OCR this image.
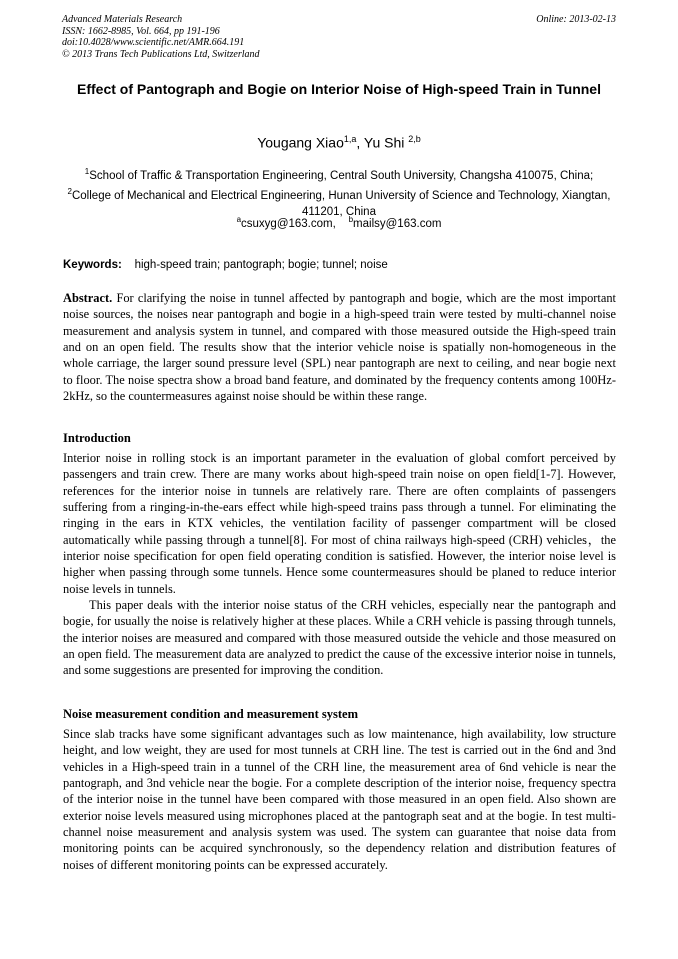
Advanced Materials Research
ISSN: 1662-8985, Vol. 664, pp 191-196
doi:10.4028/www.scientific.net/AMR.664.191
© 2013 Trans Tech Publications Ltd, Switzerland
Online: 2013-02-13
Effect of Pantograph and Bogie on Interior Noise of High-speed Train in Tunnel
Yougang Xiao$^{1,a}$, Yu Shi $^{2,b}$
$^1$School of Traffic & Transportation Engineering, Central South University, Changsha 410075, China;
$^2$College of Mechanical and Electrical Engineering, Hunan University of Science and Technology, Xiangtan, 411201, China
$^a$csuxyg@163.com, $^b$mailsy@163.com
Keywords: high-speed train; pantograph; bogie; tunnel; noise

Abstract. For clarifying the noise in tunnel affected by pantograph and bogie, which are the most important noise sources, the noises near pantograph and bogie in a high-speed train were tested by multi-channel noise measurement and analysis system in tunnel, and compared with those measured outside the High-speed train and on an open field. The results show that the interior vehicle noise is spatially non-homogeneous in the whole carriage, the larger sound pressure level (SPL) near pantograph are next to ceiling, and near bogie next to floor. The noise spectra show a broad band feature, and dominated by the frequency contents among 100Hz-2kHz, so the countermeasures against noise should be within these range.

Introduction

Interior noise in rolling stock is an important parameter in the evaluation of global comfort perceived by passengers and train crew. There are many works about high-speed train noise on open field[1-7]. However, references for the interior noise in tunnels are relatively rare. There are often complaints of passengers suffering from a ringing-in-the-ears effect while high-speed trains pass through a tunnel. For eliminating the ringing in the ears in KTX vehicles, the ventilation facility of passenger compartment will be closed automatically while passing through a tunnel[8]. For most of china railways high-speed (CRH) vehicles，the interior noise specification for open field operating condition is satisfied. However, the interior noise level is higher when passing through some tunnels. Hence some countermeasures should be planed to reduce interior noise levels in tunnels.

This paper deals with the interior noise status of the CRH vehicles, especially near the pantograph and bogie, for usually the noise is relatively higher at these places. While a CRH vehicle is passing through tunnels, the interior noises are measured and compared with those measured outside the vehicle and those measured on an open field. The measurement data are analyzed to predict the cause of the excessive interior noise in tunnels, and some suggestions are presented for improving the condition.

Noise measurement condition and measurement system

Since slab tracks have some significant advantages such as low maintenance, high availability, low structure height, and low weight, they are used for most tunnels at CRH line. The test is carried out in the 6nd and 3nd vehicles in a High-speed train in a tunnel of the CRH line, the measurement area of 6nd vehicle is near the pantograph, and 3nd vehicle near the bogie. For a complete description of the interior noise, frequency spectra of the interior noise in the tunnel have been compared with those measured in an open field. Also shown are exterior noise levels measured using microphones placed at the pantograph seat and at the bogie. In test multi-channel noise measurement and analysis system was used. The system can guarantee that noise data from monitoring points can be acquired synchronously, so the dependency relation and distribution features of noises of different monitoring points can be expressed accurately.
